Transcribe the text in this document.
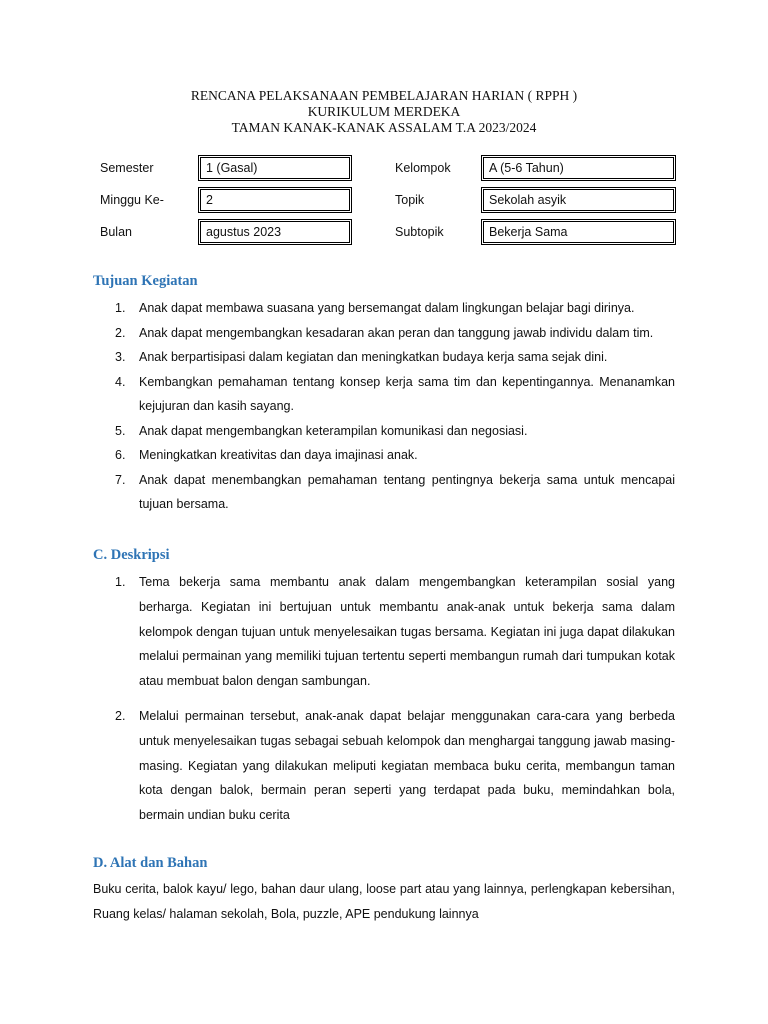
RENCANA PELAKSANAAN PEMBELAJARAN HARIAN ( RPPH )
KURIKULUM MERDEKA
TAMAN KANAK-KANAK ASSALAM T.A 2023/2024
Semester	1 (Gasal)	Kelompok	A (5-6 Tahun)
Minggu Ke-	2	Topik	Sekolah asyik
Bulan	agustus 2023	Subtopik	Bekerja Sama
Tujuan Kegiatan
1. Anak dapat membawa suasana yang bersemangat dalam lingkungan belajar bagi dirinya.
2. Anak dapat mengembangkan kesadaran akan peran dan tanggung jawab individu dalam tim.
3. Anak berpartisipasi dalam kegiatan dan meningkatkan budaya kerja sama sejak dini.
4. Kembangkan pemahaman tentang konsep kerja sama tim dan kepentingannya. Menanamkan kejujuran dan kasih sayang.
5. Anak dapat mengembangkan keterampilan komunikasi dan negosiasi.
6. Meningkatkan kreativitas dan daya imajinasi anak.
7. Anak dapat menembangkan pemahaman tentang pentingnya bekerja sama untuk mencapai tujuan bersama.
C. Deskripsi
1. Tema bekerja sama membantu anak dalam mengembangkan keterampilan sosial yang berharga. Kegiatan ini bertujuan untuk membantu anak-anak untuk bekerja sama dalam kelompok dengan tujuan untuk menyelesaikan tugas bersama. Kegiatan ini juga dapat dilakukan melalui permainan yang memiliki tujuan tertentu seperti membangun rumah dari tumpukan kotak atau membuat balon dengan sambungan.
2. Melalui permainan tersebut, anak-anak dapat belajar menggunakan cara-cara yang berbeda untuk menyelesaikan tugas sebagai sebuah kelompok dan menghargai tanggung jawab masing-masing. Kegiatan yang dilakukan meliputi kegiatan membaca buku cerita, membangun taman kota dengan balok, bermain peran seperti yang terdapat pada buku, memindahkan bola, bermain undian buku cerita
D. Alat dan Bahan
Buku cerita, balok kayu/ lego, bahan daur ulang, loose part atau yang lainnya, perlengkapan kebersihan, Ruang kelas/ halaman sekolah, Bola, puzzle, APE pendukung lainnya
